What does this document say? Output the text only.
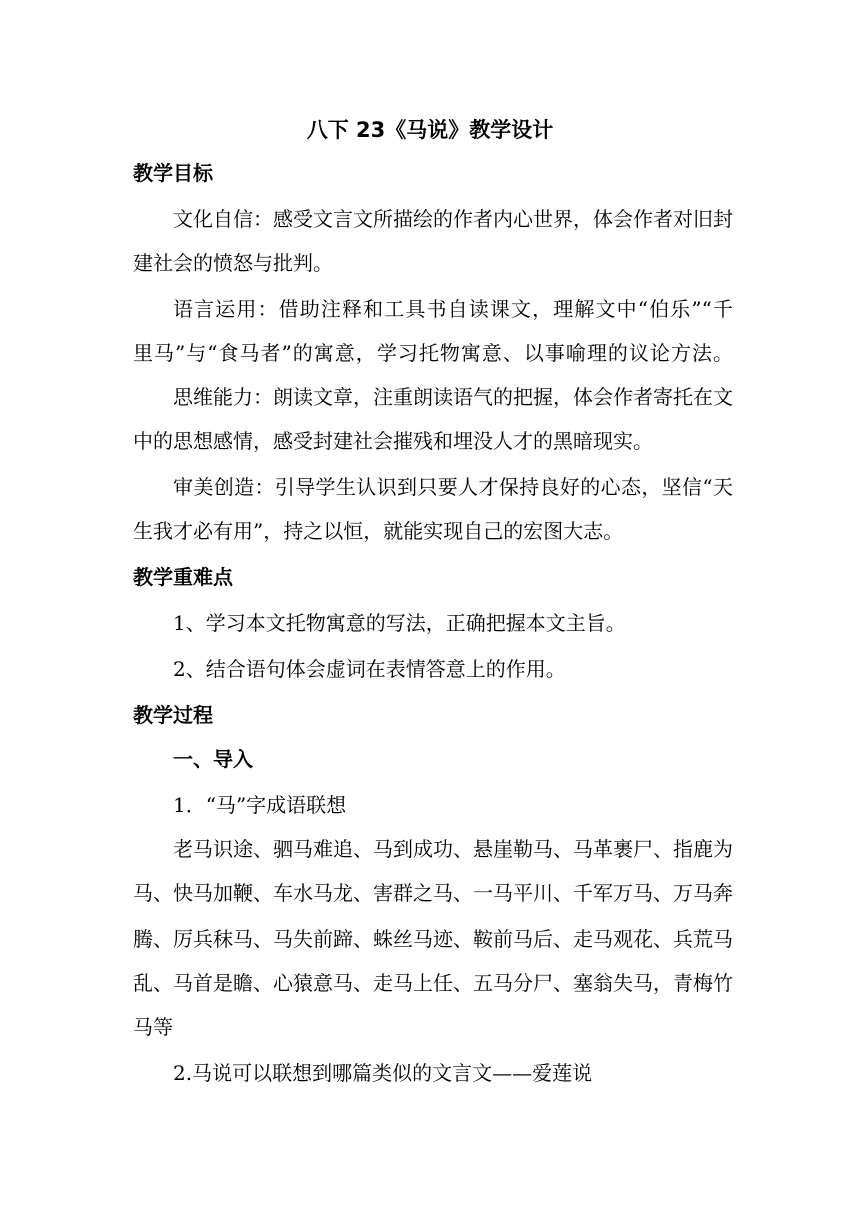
八下 23《马说》教学设计
教学目标
文化自信：感受文言文所描绘的作者内心世界，体会作者对旧封
建社会的愤怒与批判。
语言运用：借助注释和工具书自读课文，理解文中“伯乐”“千
里马”与“食马者”的寓意，学习托物寓意、以事喻理的议论方法。
思维能力：朗读文章，注重朗读语气的把握，体会作者寄托在文
中的思想感情，感受封建社会摧残和埋没人才的黑暗现实。
审美创造：引导学生认识到只要人才保持良好的心态，坚信“天
生我才必有用”，持之以恒，就能实现自己的宏图大志。
教学重难点
1、学习本文托物寓意的写法，正确把握本文主旨。
2、结合语句体会虚词在表情答意上的作用。
教学过程
一、导入
1．“马”字成语联想
老马识途、驷马难追、马到成功、悬崖勒马、马革裹尸、指鹿为
马、快马加鞭、车水马龙、害群之马、一马平川、千军万马、万马奔
腾、厉兵秣马、马失前蹄、蛛丝马迹、鞍前马后、走马观花、兵荒马
乱、马首是瞻、心猿意马、走马上任、五马分尸、塞翁失马，青梅竹
马等
2.马说可以联想到哪篇类似的文言文——爱莲说
